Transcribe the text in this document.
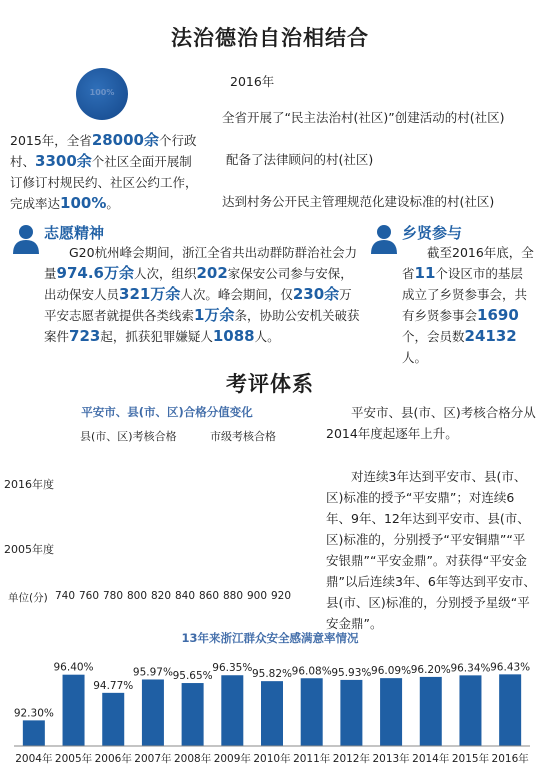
法治德治自治相结合
100%
2015年，全省28000余个行政村、3300余个社区全面开展制订修订村规民约、社区公约工作，完成率达100%。
2016年
全省开展了“民主法治村(社区)”创建活动的村(社区)
配备了法律顾问的村(社区)
达到村务公开民主管理规范化建设标准的村(社区)
志愿精神
G20杭州峰会期间，浙江全省共出动群防群治社会力量974.6万余人次，组织202家保安公司参与安保，出动保安人员321万余人次。峰会期间，仅230余万平安志愿者就提供各类线索1万余条，协助公安机关破获案件723起，抓获犯罪嫌疑人1088人。
乡贤参与
截至2016年底，全省11个设区市的基层成立了乡贤参事会，共有乡贤参事会1690个，会员数24132人。
考评体系
平安市、县(市、区)合格分值变化
县(市、区)考核合格	市级考核合格
2016年度
2005年度
单位(分) 740 760 780 800 820 840 860 880 900 920
平安市、县(市、区)考核合格分从2014年度起逐年上升。
对连续3年达到平安市、县(市、区)标准的授予“平安鼎”；对连续6年、9年、12年达到平安市、县(市、区)标准的，分别授予“平安铜鼎”“平安银鼎”“平安金鼎”。对获得“平安金鼎”以后连续3年、6年等达到平安市、县(市、区)标准的，分别授予星级“平安金鼎”。
13年来浙江群众安全感满意率情况
92.30%
2004年
96.40%
2005年
94.77%
2006年
95.97%
2007年
95.65%
2008年
96.35%
2009年
95.82%
2010年
96.08%
2011年
95.93%
2012年
96.09%
2013年
96.20%
2014年
96.34%
2015年
96.43%
2016年
